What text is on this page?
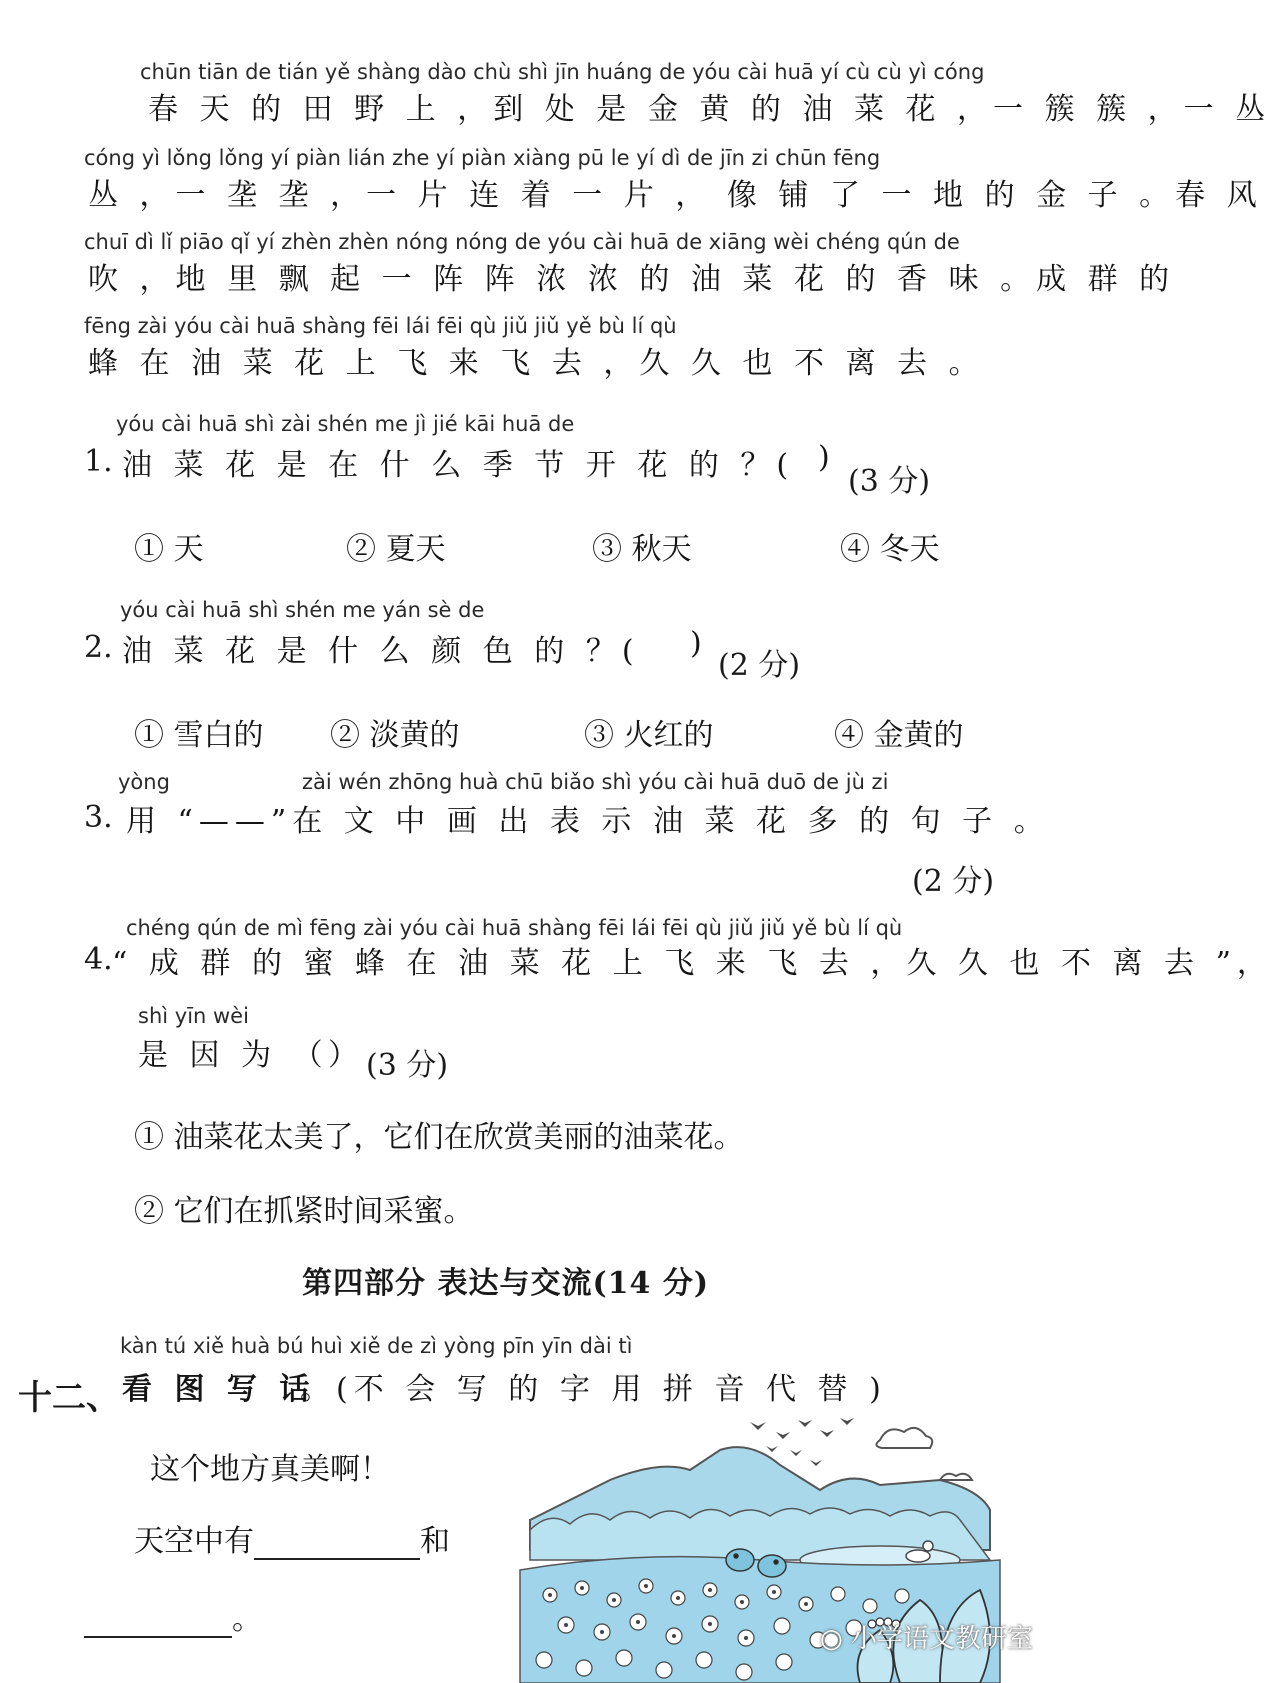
chūn tiān de tián yě shàng dào chù shì jīn huáng de yóu cài huā yí cù cù yì cóng
春 天 的 田 野 上 ，到 处 是 金 黄 的 油 菜 花 ，一 簇 簇 ，一 丛
cóng yì lǒng lǒng yí piàn lián zhe yí piàn xiàng pū le yí dì de jīn zi chūn fēng
丛 ，一 垄 垄 ，一 片 连 着 一 片 ， 像 铺 了 一 地 的 金 子 。春 风
chuī dì lǐ piāo qǐ yí zhèn zhèn nóng nóng de yóu cài huā de xiāng wèi chéng qún de
吹 ，地 里 飘 起 一 阵 阵 浓 浓 的 油 菜 花 的 香 味 。成 群 的
fēng zài yóu cài huā shàng fēi lái fēi qù jiǔ jiǔ yě bù lí qù
蜂 在 油 菜 花 上 飞 来 飞 去 ，久 久 也 不 离 去 。
yóu cài huā shì zài shén me jì jié kāi huā de
1. 油 菜 花 是 在 什 么 季 节 开 花 的 ？( )
(3 分)
① 天	② 夏天	③ 秋天	④ 冬天
yóu cài huā shì shén me yán sè de
2. 油 菜 花 是 什 么 颜 色 的 ？( )
(2 分)
① 雪白的 ② 淡黄的	③ 火红的	④ 金黄的
yòng	zài wén zhōng huà chū biǎo shì yóu cài huā duō de jù zi
3. 用 “——”在 文 中 画 出 表 示 油 菜 花 多 的 句 子 。
(2 分)
chéng qún de mì fēng zài yóu cài huā shàng fēi lái fēi qù jiǔ jiǔ yě bù lí qù
4. “ 成 群 的 蜜 蜂 在 油 菜 花 上 飞 来 飞 去 ，久 久 也 不 离 去 ”，
shì yīn wèi
是 因 为 （ ） (3 分)
① 油菜花太美了，它们在欣赏美丽的油菜花。
② 它们在抓紧时间采蜜。
第四部分 表达与交流(14 分)
kàn tú xiě huà bú huì xiě de zì yòng pīn yīn dài tì
十二、 看 图 写 话
。(不 会 写 的 字 用 拼 音 代 替 )
这个地方真美啊！
天空中有	和
。
◉ 小学语文教研室
